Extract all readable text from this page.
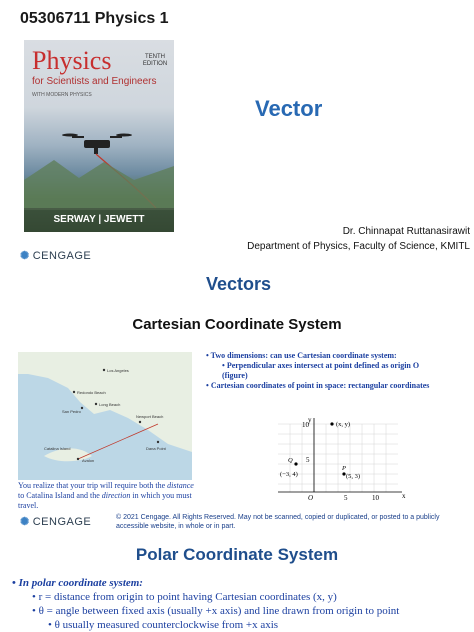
05306711 Physics 1
Physics
for Scientists and Engineers
TENTH EDITION
WITH MODERN PHYSICS
SERWAY | JEWETT
✺ CENGAGE
Vector
Dr. Chinnapat Ruttanasirawit
Department of Physics, Faculty of Science, KMITL
Vectors
Cartesian Coordinate System
Los Angeles
Long Beach
Redondo Beach
San Pedro
Newport Beach
Catalina Island
Avalon
Dana Point
You realize that your trip will require both the distance to Catalina Island and the direction in which you must travel.
• Two dimensions: can use Cartesian coordinate system:
• Perpendicular axes intersect at point defined as origin O (figure)
• Cartesian coordinates of point in space: rectangular coordinates
y
x
10
5
O	5	10
(x, y)
Q
(−3, 4)
P
(5, 3)
✺ CENGAGE	© 2021 Cengage. All Rights Reserved. May not be scanned, copied or duplicated, or posted to a publicly accessible website, in whole or in part.
Polar Coordinate System
• In polar coordinate system:
• r = distance from origin to point having Cartesian coordinates (x, y)
• θ = angle between fixed axis (usually +x axis) and line drawn from origin to point
• θ usually measured counterclockwise from +x axis
